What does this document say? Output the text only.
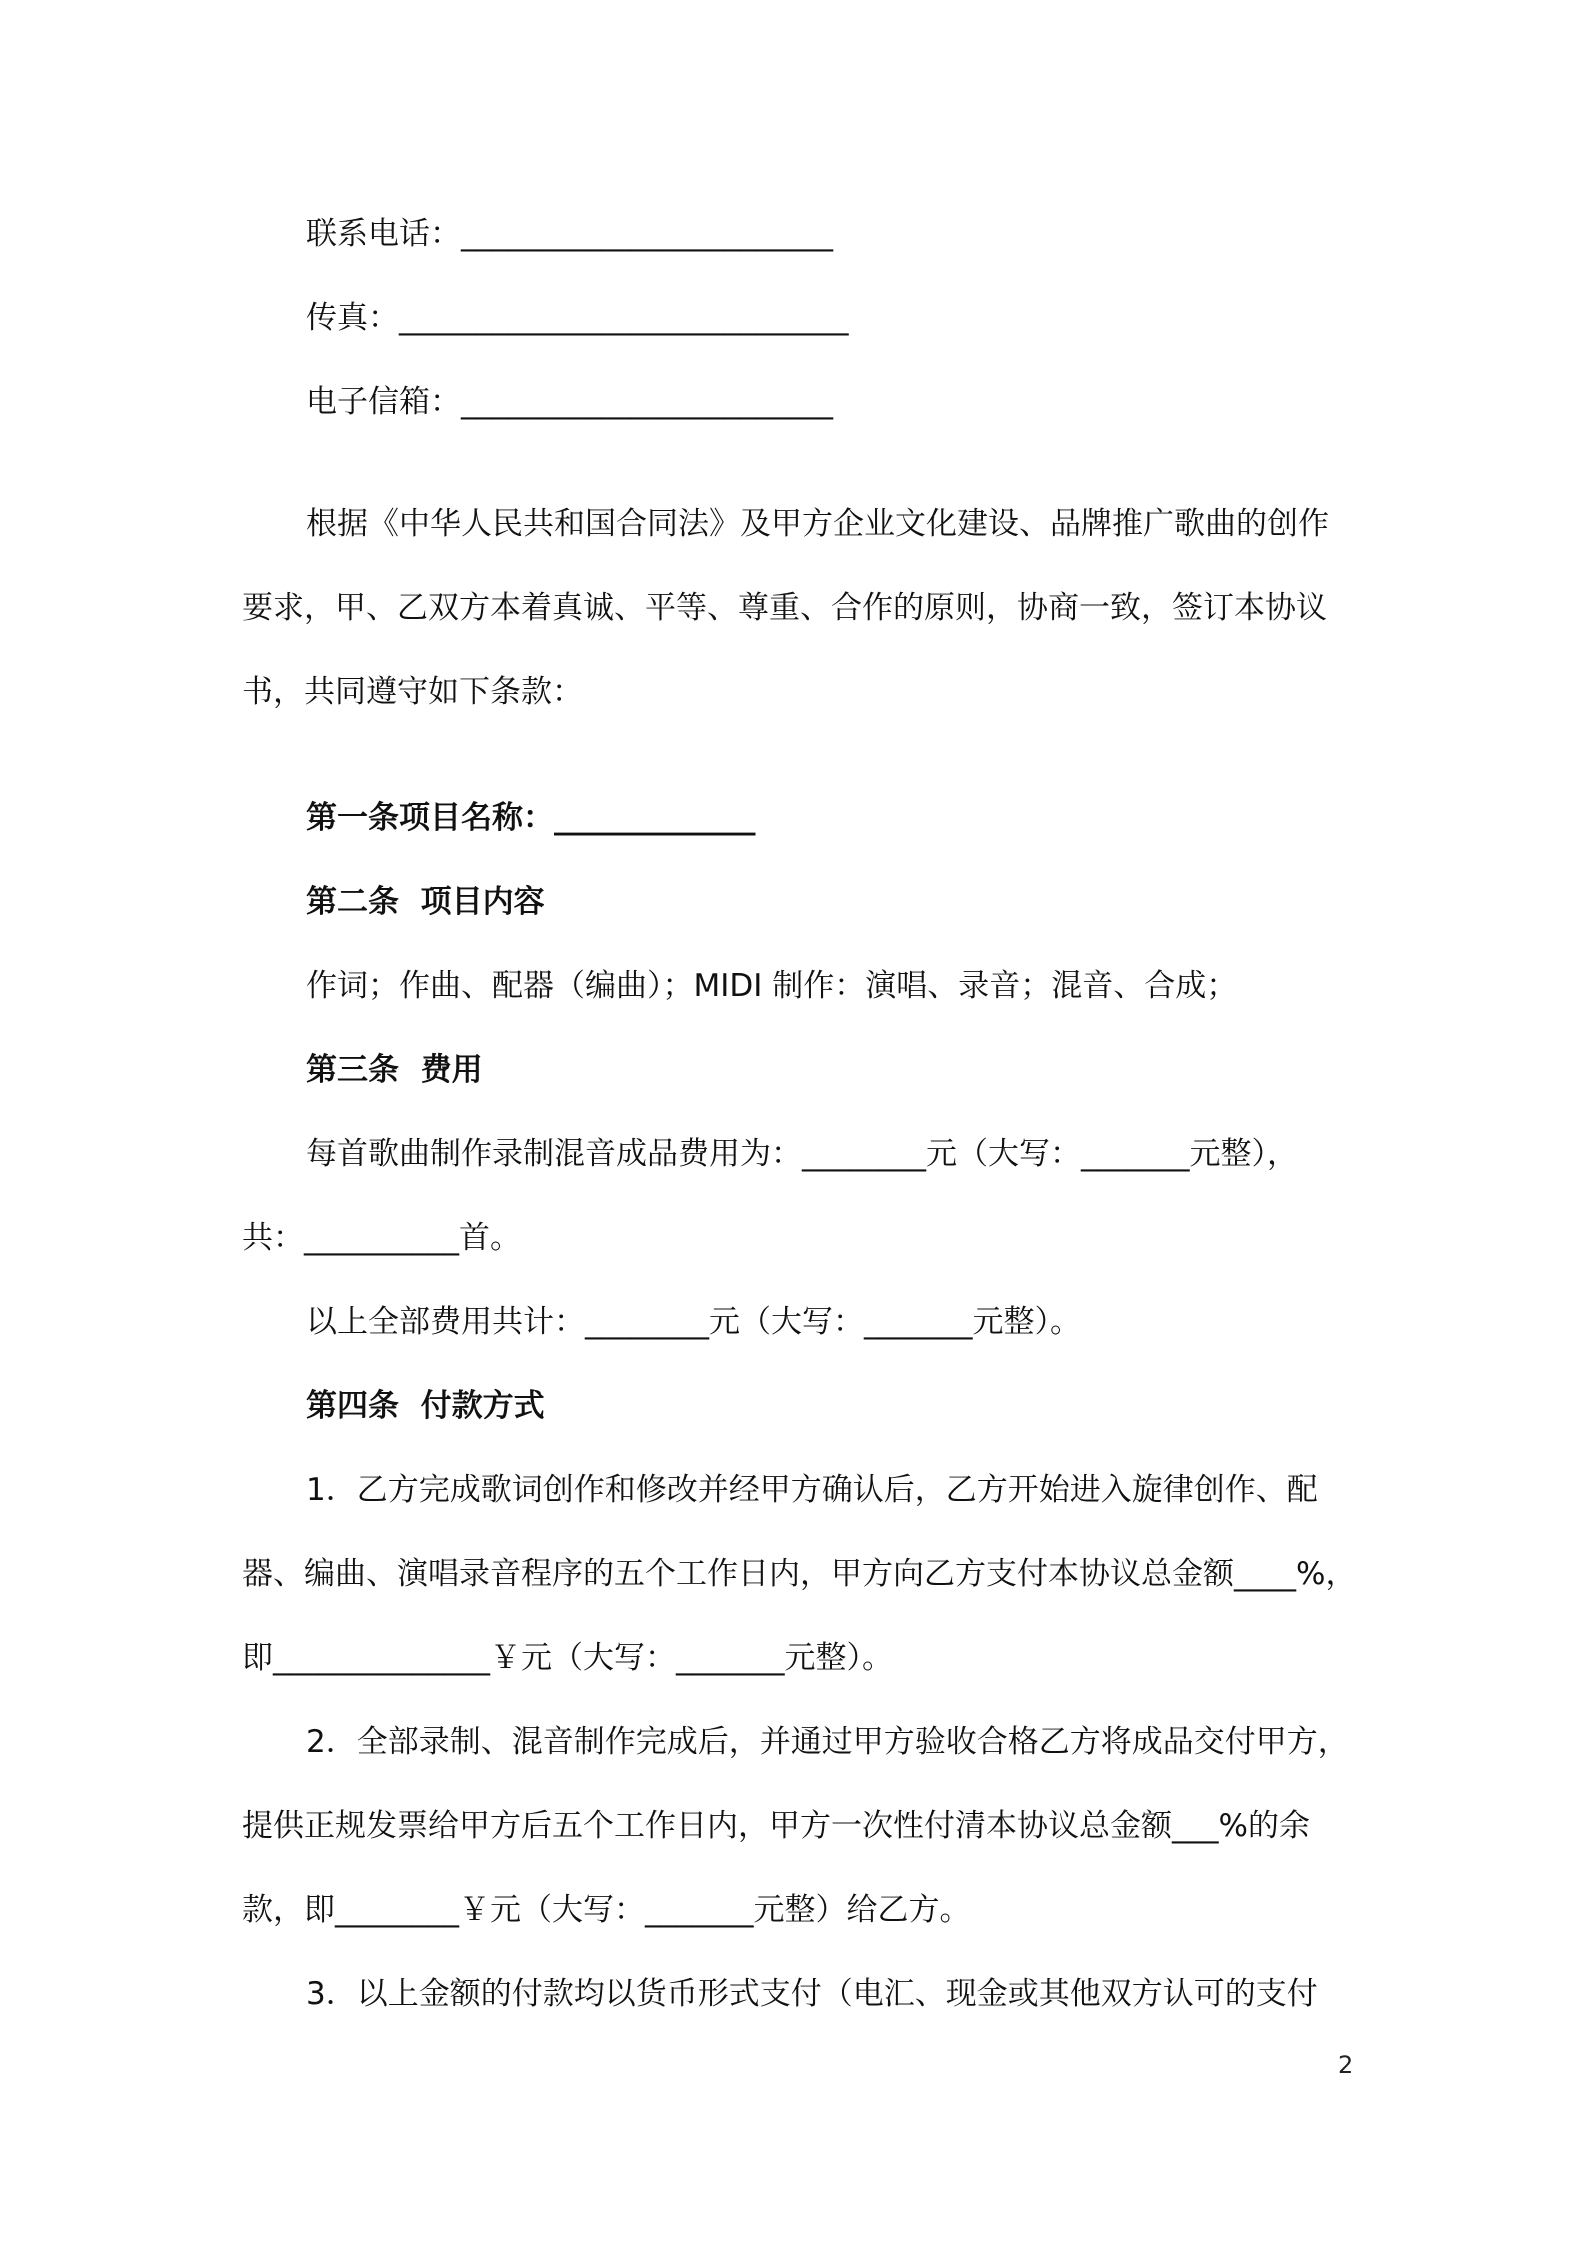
联系电话：________________________
传真：_____________________________
电子信箱：________________________
根据《中华人民共和国合同法》及甲方企业文化建设、品牌推广歌曲的创作
要求，甲、乙双方本着真诚、平等、尊重、合作的原则，协商一致，签订本协议
书，共同遵守如下条款：
第一条项目名称：_____________
第二条  项目内容
作词；作曲、配器（编曲）；MIDI 制作：演唱、录音；混音、合成；
第三条  费用
每首歌曲制作录制混音成品费用为：________元（大写：_______元整），
共：__________首。
以上全部费用共计：________元（大写：_______元整）。
第四条  付款方式
1．乙方完成歌词创作和修改并经甲方确认后，乙方开始进入旋律创作、配
器、编曲、演唱录音程序的五个工作日内，甲方向乙方支付本协议总金额____%，
即______________￥元（大写：_______元整）。
2．全部录制、混音制作完成后，并通过甲方验收合格乙方将成品交付甲方，
提供正规发票给甲方后五个工作日内，甲方一次性付清本协议总金额___%的余
款，即________￥元（大写：_______元整）给乙方。
3．以上金额的付款均以货币形式支付（电汇、现金或其他双方认可的支付
2
